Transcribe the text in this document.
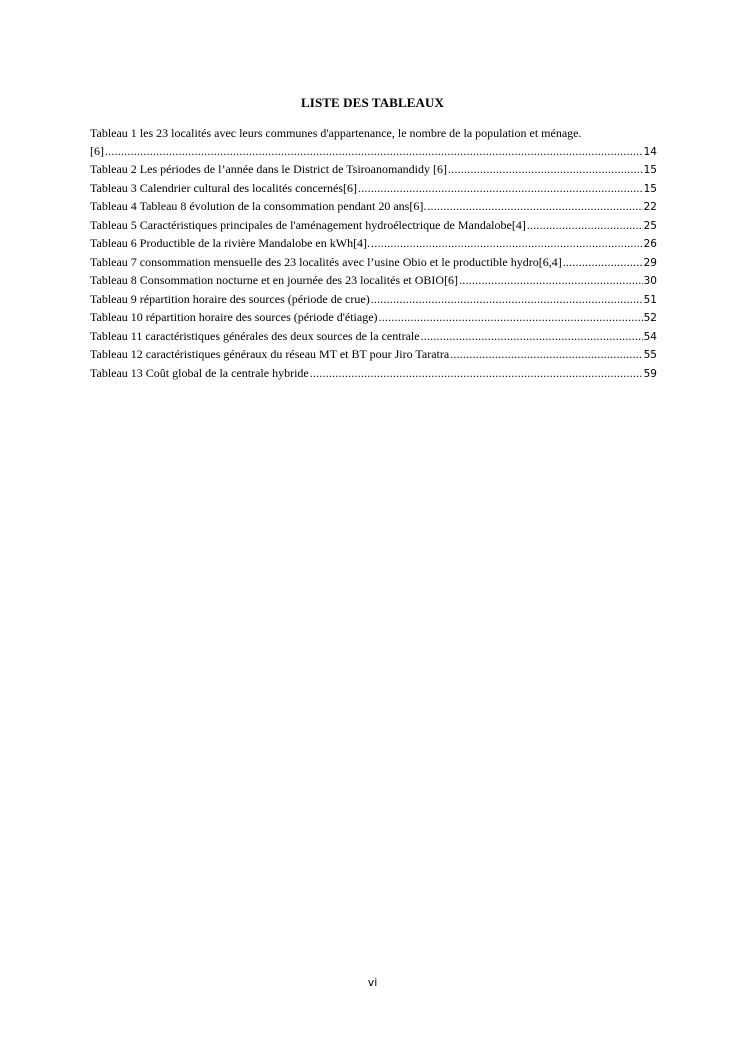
LISTE DES TABLEAUX
Tableau 1 les 23 localités avec leurs communes d'appartenance, le nombre de la population et ménage.
[6] .....	14
Tableau 2 Les périodes de l’année dans le District de Tsiroanomandidy [6] .....	15
Tableau 3 Calendrier cultural des localités concernés[6] .....	15
Tableau 4 Tableau 8 évolution de la consommation pendant 20 ans[6]. .....	22
Tableau 5 Caractéristiques principales de l'aménagement hydroélectrique de Mandalobe[4] .....	25
Tableau 6 Productible de la rivière Mandalobe en kWh[4]. .....	26
Tableau 7 consommation mensuelle des 23 localités avec l’usine Obio et le productible hydro[6,4] .....	29
Tableau 8 Consommation nocturne et en journée des 23 localités et OBIO[6] .....	30
Tableau 9 répartition horaire des sources (période de crue) .....	51
Tableau 10 répartition horaire des sources (période d'étiage) .....	52
Tableau 11 caractéristiques générales des deux sources de la centrale .....	54
Tableau 12 caractéristiques généraux du réseau MT et BT pour Jiro Taratra .....	55
Tableau 13 Coût global de la centrale hybride .....	59
vi
